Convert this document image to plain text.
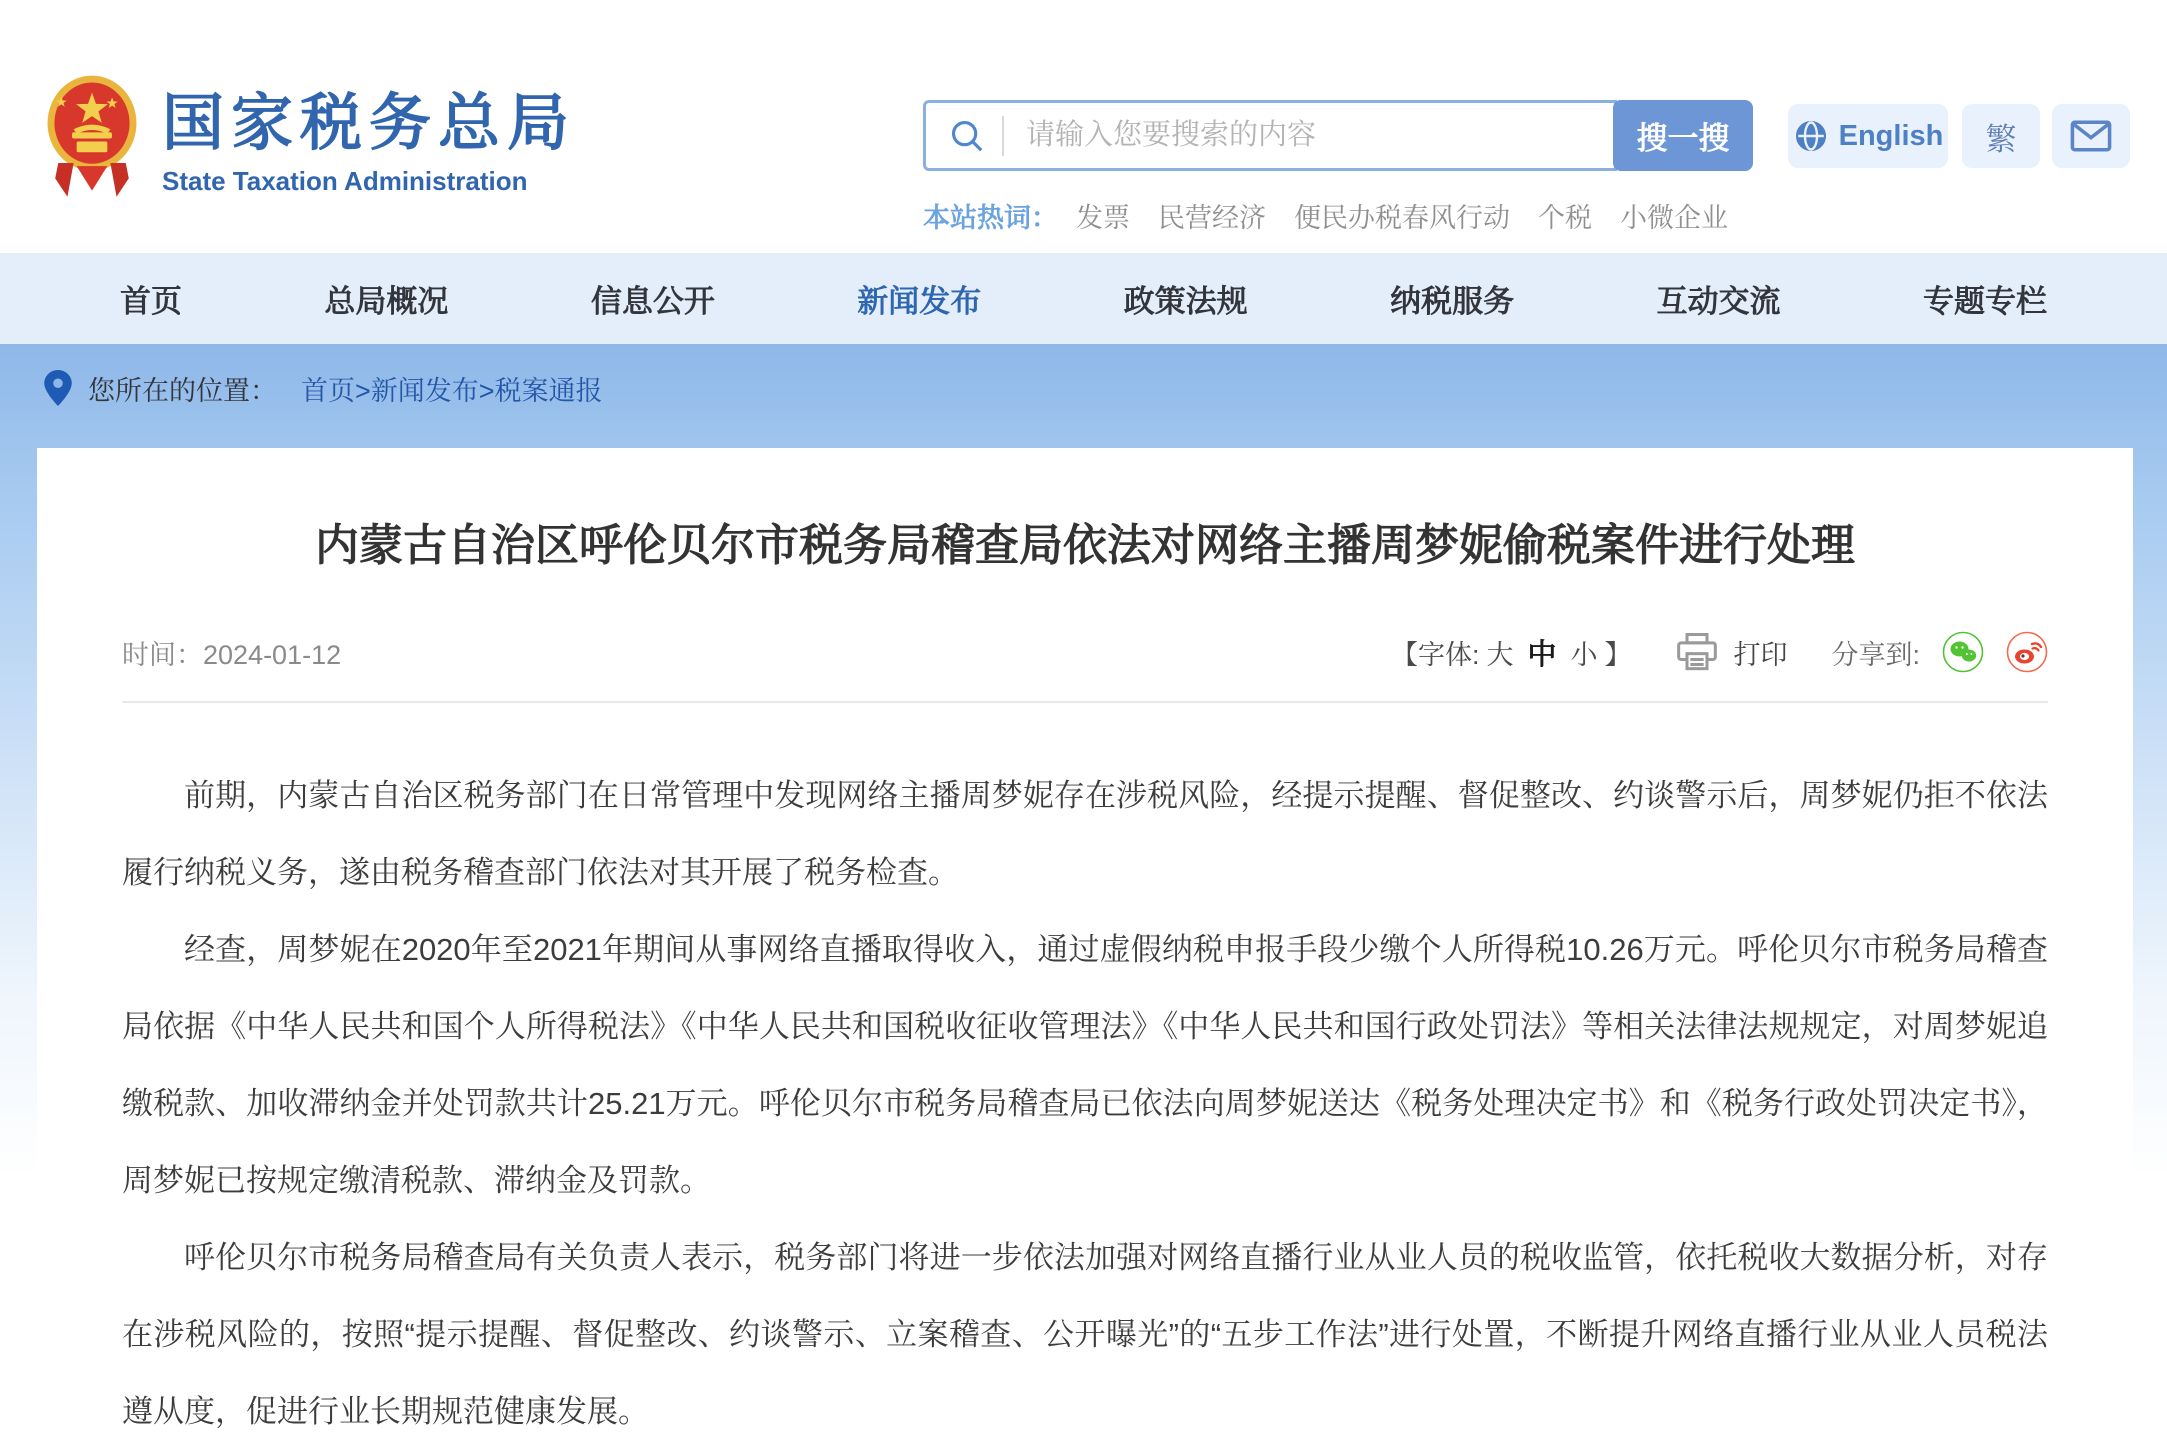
国家税务总局
State Taxation Administration
请输入您要搜索的内容
搜一搜	English 繁
本站热词： 发票 民营经济 便民办税春风行动 个税 小微企业
首页	总局概况	信息公开	新闻发布	政策法规	纳税服务	互动交流	专题专栏
您所在的位置： 首页>新闻发布>税案通报
内蒙古自治区呼伦贝尔市税务局稽查局依法对网络主播周梦妮偷税案件进行处理
时间：2024-01-12	【字体: 大 中 小 】	打印 分享到:

前期，内蒙古自治区税务部门在日常管理中发现网络主播周梦妮存在涉税风险，经提示提醒、督促整改、约谈警示后，周梦妮仍拒不依法履行纳税义务，遂由税务稽查部门依法对其开展了税务检查。

经查，周梦妮在2020年至2021年期间从事网络直播取得收入，通过虚假纳税申报手段少缴个人所得税10.26万元。呼伦贝尔市税务局稽查局依据《中华人民共和国个人所得税法》《中华人民共和国税收征收管理法》《中华人民共和国行政处罚法》等相关法律法规规定，对周梦妮追缴税款、加收滞纳金并处罚款共计25.21万元。呼伦贝尔市税务局稽查局已依法向周梦妮送达《税务处理决定书》和《税务行政处罚决定书》，周梦妮已按规定缴清税款、滞纳金及罚款。

呼伦贝尔市税务局稽查局有关负责人表示，税务部门将进一步依法加强对网络直播行业从业人员的税收监管，依托税收大数据分析，对存在涉税风险的，按照“提示提醒、督促整改、约谈警示、立案稽查、公开曝光”的“五步工作法”进行处置，不断提升网络直播行业从业人员税法遵从度，促进行业长期规范健康发展。
